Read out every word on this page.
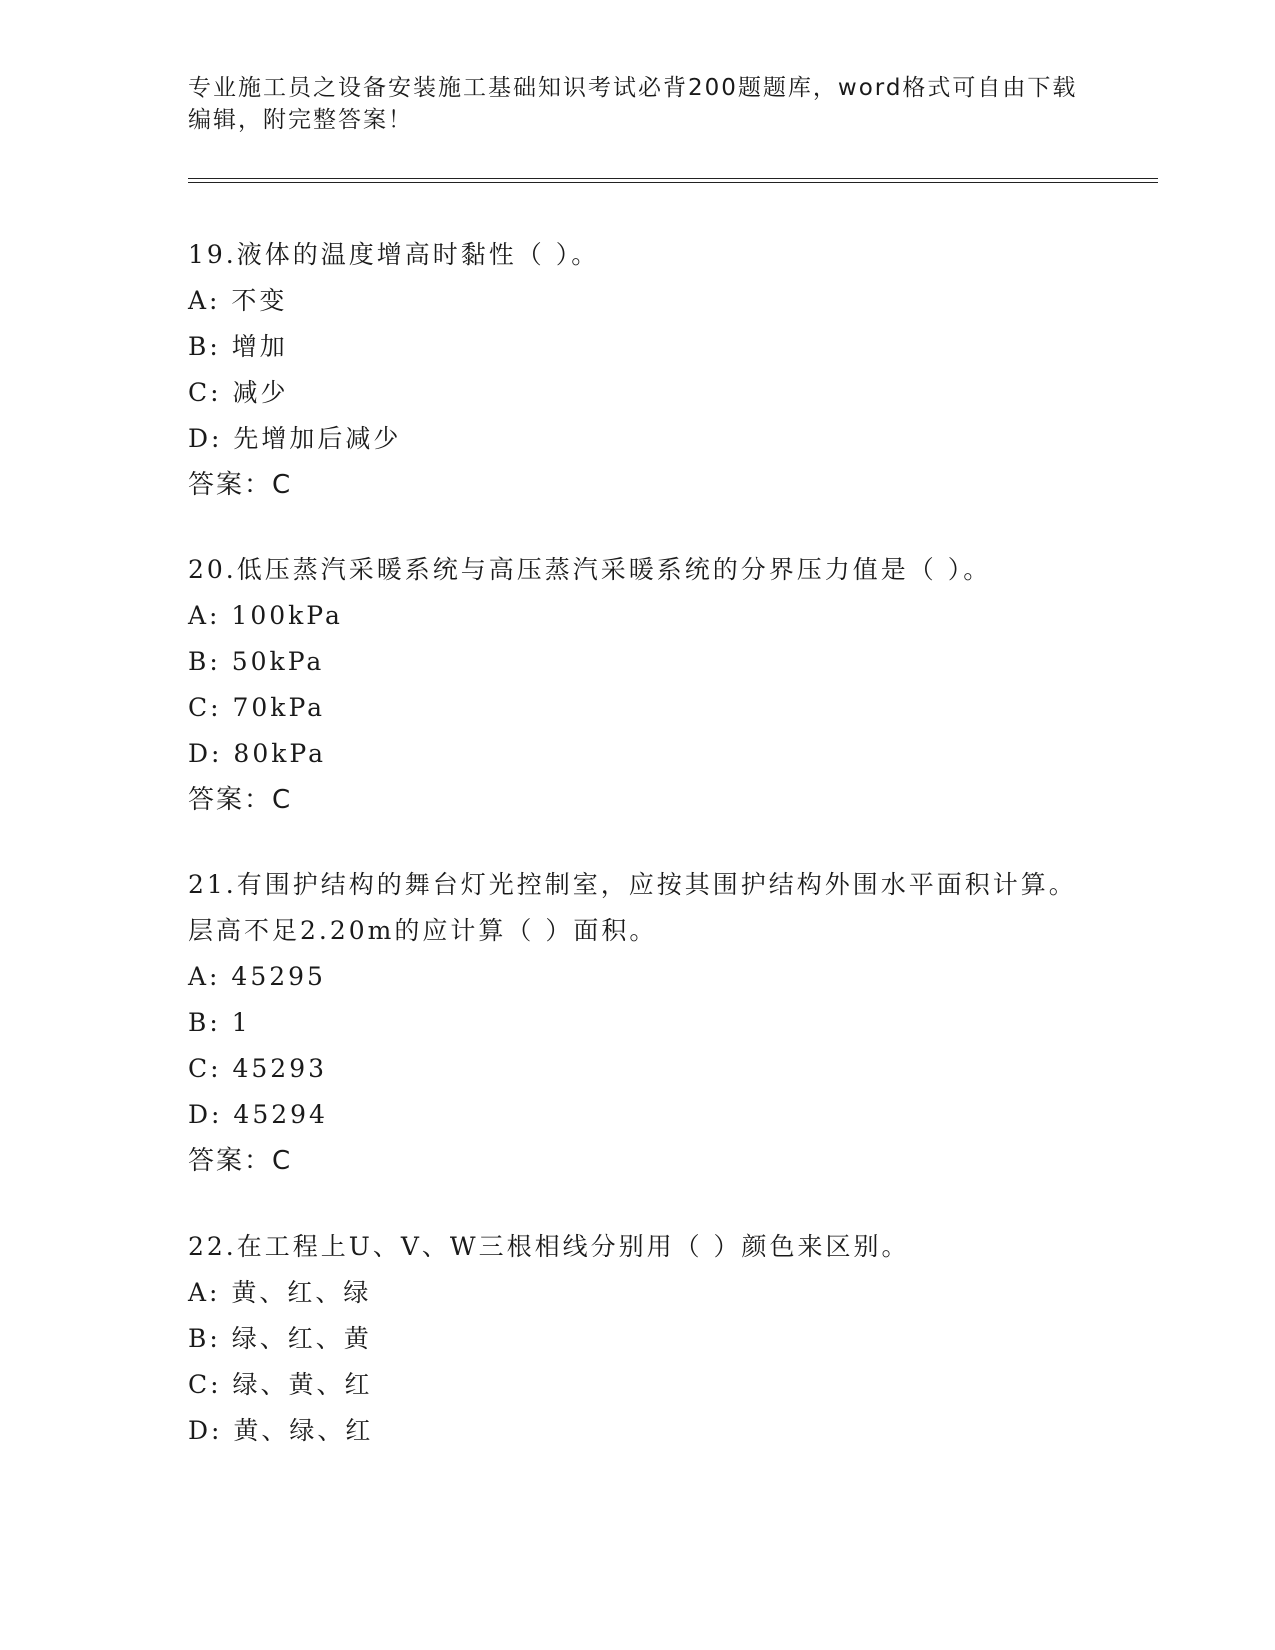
专业施工员之设备安装施工基础知识考试必背200题题库，word格式可自由下载编辑，附完整答案！

19.液体的温度增高时黏性（ ）。

A: 不变
B: 增加
C: 减少
D: 先增加后减少
答案：C

20.低压蒸汽采暖系统与高压蒸汽采暖系统的分界压力值是（ ）。

A: 100kPa
B: 50kPa
C: 70kPa
D: 80kPa
答案：C

21.有围护结构的舞台灯光控制室，应按其围护结构外围水平面积计算。层高不足2.20m的应计算（ ）面积。

A: 45295
B: 1
C: 45293
D: 45294
答案：C

22.在工程上U、V、W三根相线分别用（ ）颜色来区别。

A: 黄、红、绿
B: 绿、红、黄
C: 绿、黄、红
D: 黄、绿、红
